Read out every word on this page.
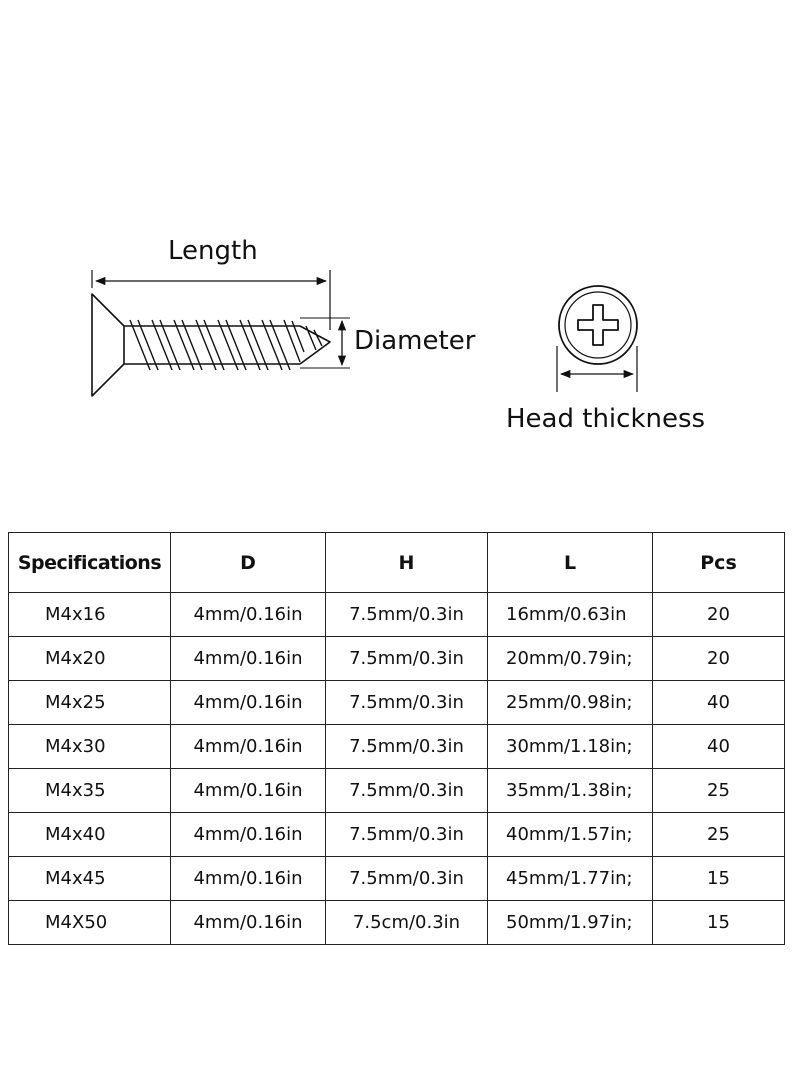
Length
Diameter
Head thickness
Specifications	D	H	L	Pcs
M4x16	4mm/0.16in	7.5mm/0.3in	16mm/0.63in	20
M4x20	4mm/0.16in	7.5mm/0.3in	20mm/0.79in;	20
M4x25	4mm/0.16in	7.5mm/0.3in	25mm/0.98in;	40
M4x30	4mm/0.16in	7.5mm/0.3in	30mm/1.18in;	40
M4x35	4mm/0.16in	7.5mm/0.3in	35mm/1.38in;	25
M4x40	4mm/0.16in	7.5mm/0.3in	40mm/1.57in;	25
M4x45	4mm/0.16in	7.5mm/0.3in	45mm/1.77in;	15
M4X50	4mm/0.16in	7.5cm/0.3in	50mm/1.97in;	15
